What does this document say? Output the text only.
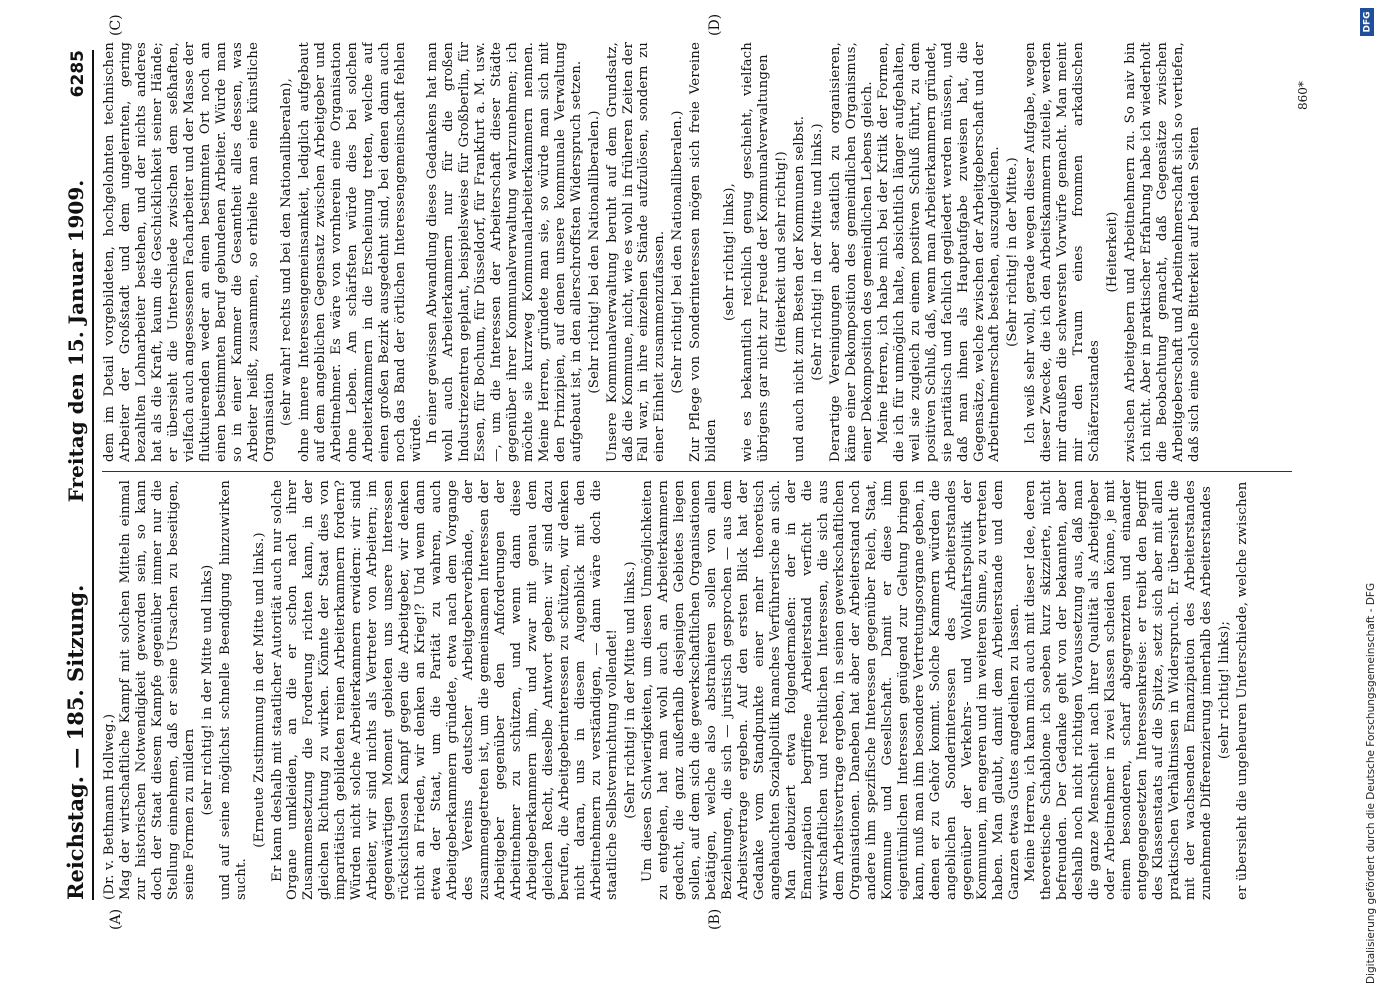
Reichstag. — 185. Sitzung.
Freitag den 15. Januar 1909.
6285
(A)	(B)
(C)	(D)

(Dr. v. Bethmann Hollweg.) Mag der wirtschaftliche Kampf mit solchen Mitteln einmal zur historischen Notwendigkeit geworden sein, so kann doch der Staat diesem Kampfe gegenüber immer nur die Stellung einnehmen, daß er seine Ursachen zu beseitigen, seine Formen zu mildern (sehr richtig! in der Mitte und links) und auf seine möglichst schnelle Beendigung hinzuwirken sucht.

(Erneute Zustimmung in der Mitte und links.) Er kann deshalb mit staatlicher Autorität auch nur solche Organe umkleiden, an die er schon nach ihrer Zusammensetzung die Forderung richten kann, in der gleichen Richtung zu wirken. Könnte der Staat dies von imparitätisch gebildeten reinen Arbeiterkammern fordern? Würden nicht solche Arbeiterkammern erwidern: wir sind Arbeiter, wir sind nichts als Vertreter von Arbeitern; im gegenwärtigen Moment gebieten uns unsere Interessen rücksichtslosen Kampf gegen die Arbeitgeber, wir denken nicht an Frieden, wir denken an Krieg!? Und wenn dann etwa der Staat, um die Parität zu wahren, auch Arbeitgeberkammern gründete, etwa nach dem Vorgange des Vereins deutscher Arbeitgeberverbände, der zusammengetreten ist, um die gemeinsamen Interessen der Arbeitgeber gegenüber den Anforderungen der Arbeitnehmer zu schützen, und wenn dann diese Arbeitgeberkammern ihm, und zwar mit genau dem gleichen Recht, dieselbe Antwort geben: wir sind dazu berufen, die Arbeitgeberinteressen zu schützen, wir denken nicht daran, uns in diesem Augenblick mit den Arbeitnehmern zu verständigen, — dann wäre doch die staatliche Selbstvernichtung vollendet! (Sehr richtig! in der Mitte und links.) Um diesen Schwierigkeiten, um diesen Unmöglichkeiten zu entgehen, hat man wohl auch an Arbeiterkammern gedacht, die ganz außerhalb desjenigen Gebietes liegen sollen, auf dem sich die gewerkschaftlichen Organisationen betätigen, welche also abstrahieren sollen von allen Beziehungen, die sich — juristisch gesprochen — aus dem Arbeitsvertrage ergeben. Auf den ersten Blick hat der Gedanke vom Standpunkte einer mehr theoretisch angehauchten Sozialpolitik manches Verführerische an sich. Man debuziert etwa folgendermaßen: der in der Emanzipation begriffene Arbeiterstand verficht die wirtschaftlichen und rechtlichen Interessen, die sich aus dem Arbeitsvertrage ergeben, in seinen gewerkschaftlichen Organisationen. Daneben hat aber der Arbeiterstand noch andere ihm spezifische Interessen gegenüber Reich, Staat, Kommune und Gesellschaft. Damit er diese ihm eigentümlichen Interessen genügend zur Geltung bringen kann, muß man ihm besondere Vertretungsorgane geben, in denen er zu Gehör kommt. Solche Kammern würden die angeblichen Sonderinteressen des Arbeiterstandes gegenüber der Verkehrs- und Wohlfahrtspolitik der Kommunen, im engeren und im weiteren Sinne, zu vertreten haben. Man glaubt, damit dem Arbeiterstande und dem Ganzen etwas Gutes angedeihen zu lassen. Meine Herren, ich kann mich auch mit dieser Idee, deren theoretische Schablone ich soeben kurz skizzierte, nicht befreunden. Der Gedanke geht von der bekannten, aber deshalb noch nicht richtigen Voraussetzung aus, daß man die ganze Menschheit nach ihrer Qualität als Arbeitgeber oder Arbeitnehmer in zwei Klassen scheiden könne, je mit einem besonderen, scharf abgegrenzten und einander entgegengesetzten Interessenkreise: er treibt den Begriff des Klassenstaats auf die Spitze, setzt sich aber mit allen praktischen Verhältnissen in Widerspruch. Er übersieht die mit der wachsenden Emanzipation des Arbeiterstandes zunehmende Differenzierung innerhalb des Arbeiterstandes (sehr richtig! links); er übersieht die ungeheuren Unterschiede, welche zwischen

dem im Detail vorgebildeten, hochgelohnten technischen Arbeiter der Großstadt und dem ungelernten, gering bezahlten Lohnarbeiter bestehen, und der nichts anderes hat als die Kraft, kaum die Geschicklichkeit seiner Hände; er übersieht die Unterschiede zwischen dem seßhaften, vielfach auch angesessenen Facharbeiter und der Masse der fluktuierenden weder an einen bestimmten Ort noch an einen bestimmten Beruf gebundenen Arbeiter. Würde man so in einer Kammer die Gesamtheit alles dessen, was Arbeiter heißt, zusammen, so erhielte man eine künstliche Organisation (sehr wahr! rechts und bei den Nationalliberalen), ohne innere Interessengemeinsamkeit, lediglich aufgebaut auf dem angeblichen Gegensatz zwischen Arbeitgeber und Arbeitnehmer. Es wäre von vornherein eine Organisation ohne Leben. Am schärfsten würde dies bei solchen Arbeiterkammern in die Erscheinung treten, welche auf einen großen Bezirk ausgedehnt sind, bei denen dann auch noch das Band der örtlichen Interessengemeinschaft fehlen würde. In einer gewissen Abwandlung dieses Gedankens hat man wohl auch Arbeiterkammern nur für die großen Industriezentren geplant, beispielsweise für Großberlin, für Essen, für Bochum, für Düsseldorf, für Frankfurt a. M. usw. —, um die Interessen der Arbeiterschaft dieser Städte gegenüber ihrer Kommunalverwaltung wahrzunehmen; ich möchte sie kurzweg Kommunalarbeiterkammern nennen. Meine Herren, gründete man sie, so würde man sich mit den Prinzipien, auf denen unsere kommunale Verwaltung aufgebaut ist, in den allerschroffsten Widerspruch setzen. (Sehr richtig! bei den Nationalliberalen.) Unsere Kommunalverwaltung beruht auf dem Grundsatz, daß die Kommune, nicht, wie es wohl in früheren Zeiten der Fall war, in ihre einzelnen Stände aufzulösen, sondern zu einer Einheit zusammenzufassen. (Sehr richtig! bei den Nationalliberalen.) Zur Pflege von Sonderinteressen mögen sich freie Vereine bilden

(sehr richtig! links), wie es bekanntlich reichlich genug geschieht, vielfach übrigens gar nicht zur Freude der Kommunalverwaltungen (Heiterkeit und sehr richtig!) und auch nicht zum Besten der Kommunen selbst. (Sehr richtig! in der Mitte und links.) Derartige Vereinigungen aber staatlich zu organisieren, käme einer Dekomposition des gemeindlichen Organismus, einer Dekomposition des gemeindlichen Lebens gleich. Meine Herren, ich habe mich bei der Kritik der Formen, die ich für unmöglich halte, absichtlich länger aufgehalten, weil sie zugleich zu einem positiven Schluß führt, zu dem positiven Schluß, daß, wenn man Arbeiterkammern gründet, sie paritätisch und fachlich gegliedert werden müssen, und daß man ihnen als Hauptaufgabe zuweisen hat, die Gegensätze, welche zwischen der Arbeitgeberschaft und der Arbeitnehmerschaft bestehen, auszugleichen. (Sehr richtig! in der Mitte.) Ich weiß sehr wohl, gerade wegen dieser Aufgabe, wegen dieser Zwecke, die ich den Arbeitskammern zuteile, werden mir draußen die schwersten Vorwürfe gemacht. Man meint mir den Traum eines frommen arkadischen Schäferzustandes

(Heiterkeit) zwischen Arbeitgebern und Arbeitnehmern zu. So naiv bin ich nicht. Aber in praktischer Erfahrung habe ich wiederholt die Beobachtung gemacht, daß Gegensätze zwischen Arbeitgeberschaft und Arbeitnehmerschaft sich so vertiefen, daß sich eine solche Bitterkeit auf beiden Seiten

860*
Digitalisierung gefördert durch die Deutsche Forschungsgemeinschaft - DFG
DFG
